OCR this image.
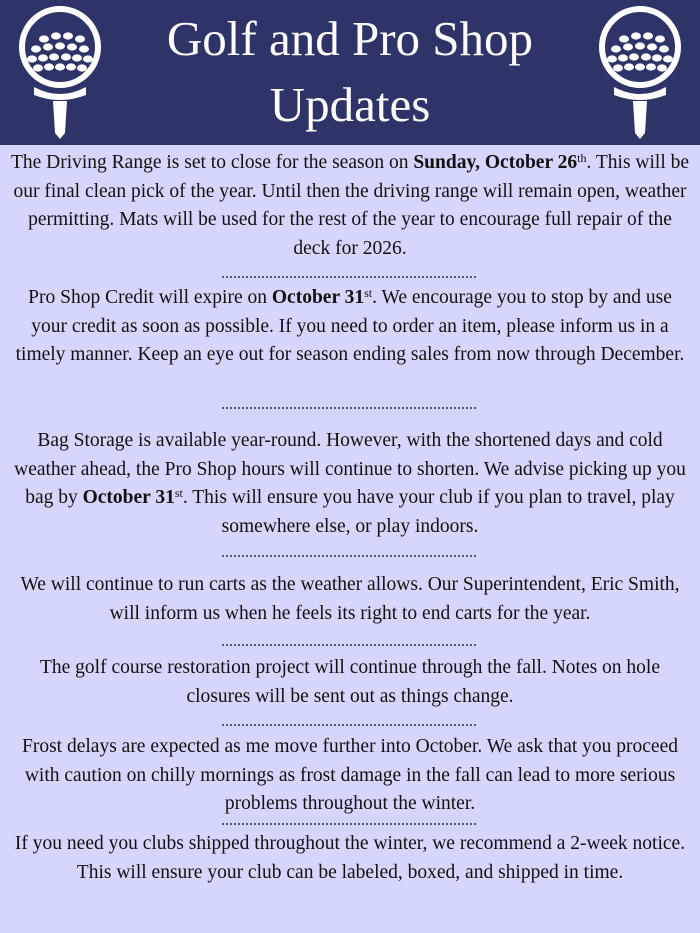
Golf and Pro Shop
Updates

The Driving Range is set to close for the season on Sunday, October 26th. This will be our final clean pick of the year. Until then the driving range will remain open, weather permitting. Mats will be used for the rest of the year to encourage full repair of the deck for 2026.

Pro Shop Credit will expire on October 31st. We encourage you to stop by and use your credit as soon as possible. If you need to order an item, please inform us in a timely manner. Keep an eye out for season ending sales from now through December.

Bag Storage is available year-round. However, with the shortened days and cold weather ahead, the Pro Shop hours will continue to shorten. We advise picking up you bag by October 31st. This will ensure you have your club if you plan to travel, play somewhere else, or play indoors.

We will continue to run carts as the weather allows. Our Superintendent, Eric Smith, will inform us when he feels its right to end carts for the year.

The golf course restoration project will continue through the fall. Notes on hole closures will be sent out as things change.

Frost delays are expected as me move further into October. We ask that you proceed with caution on chilly mornings as frost damage in the fall can lead to more serious problems throughout the winter.

If you need you clubs shipped throughout the winter, we recommend a 2-week notice. This will ensure your club can be labeled, boxed, and shipped in time.
